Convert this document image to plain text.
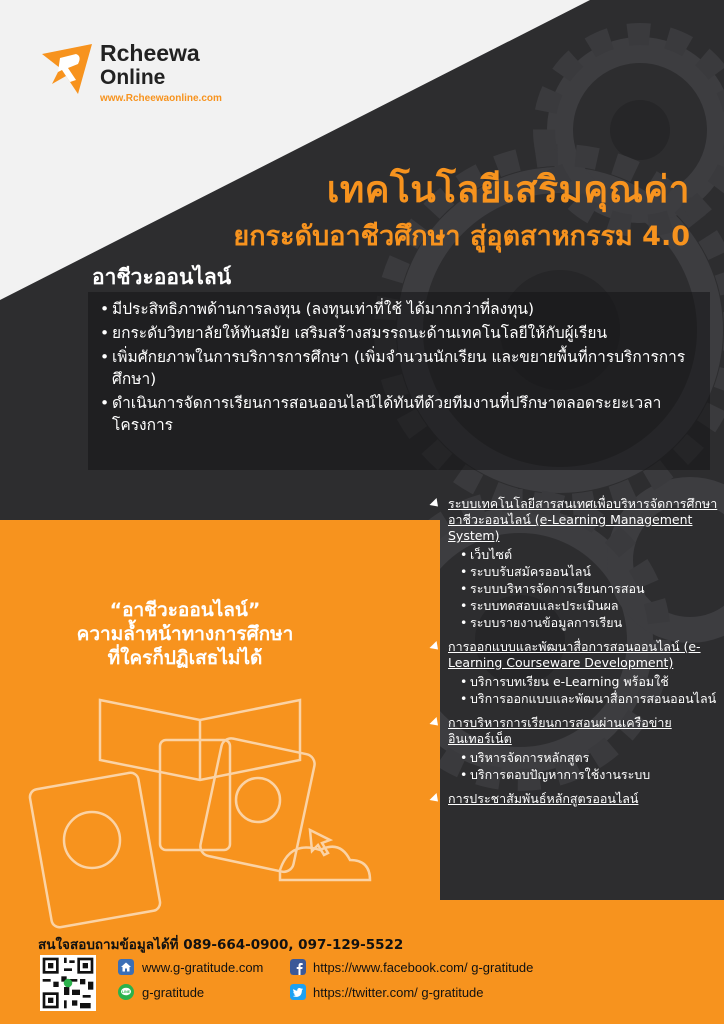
Rcheewa
Online
www.Rcheewaonline.com
เทคโนโลยีเสริมคุณค่า
ยกระดับอาชีวศึกษา สู่อุตสาหกรรม 4.0
อาชีวะออนไลน์
• มีประสิทธิภาพด้านการลงทุน (ลงทุนเท่าที่ใช้ ได้มากกว่าที่ลงทุน)
• ยกระดับวิทยาลัยให้ทันสมัย เสริมสร้างสมรรถนะด้านเทคโนโลยีให้กับผู้เรียน
• เพิ่มศักยภาพในการบริการการศึกษา (เพิ่มจำนวนนักเรียน และขยายพื้นที่การบริการการศึกษา)
• ดำเนินการจัดการเรียนการสอนออนไลน์ได้ทันทีด้วยทีมงานที่ปรึกษาตลอดระยะเวลาโครงการ
“อาชีวะออนไลน์”
ความล้ำหน้าทางการศึกษา
ที่ใครก็ปฏิเสธไม่ได้
ระบบเทคโนโลยีสารสนเทศเพื่อบริหารจัดการศึกษาอาชีวะออนไลน์ (e-Learning Management System)
• เว็บไซต์
• ระบบรับสมัครออนไลน์
• ระบบบริหารจัดการเรียนการสอน
• ระบบทดสอบและประเมินผล
• ระบบรายงานข้อมูลการเรียน
การออกแบบและพัฒนาสื่อการสอนออนไลน์ (e-Learning Courseware Development)
• บริการบทเรียน e-Learning พร้อมใช้
• บริการออกแบบและพัฒนาสื่อการสอนออนไลน์
การบริหารการเรียนการสอนผ่านเครือข่ายอินเทอร์เน็ต
• บริหารจัดการหลักสูตร
• บริการตอบปัญหาการใช้งานระบบ
การประชาสัมพันธ์หลักสูตรออนไลน์
สนใจสอบถามข้อมูลได้ที่ 089-664-0900, 097-129-5522
www.g-gratitude.com
LINE g-gratitude
https://www.facebook.com/ g-gratitude
https://twitter.com/ g-gratitude
